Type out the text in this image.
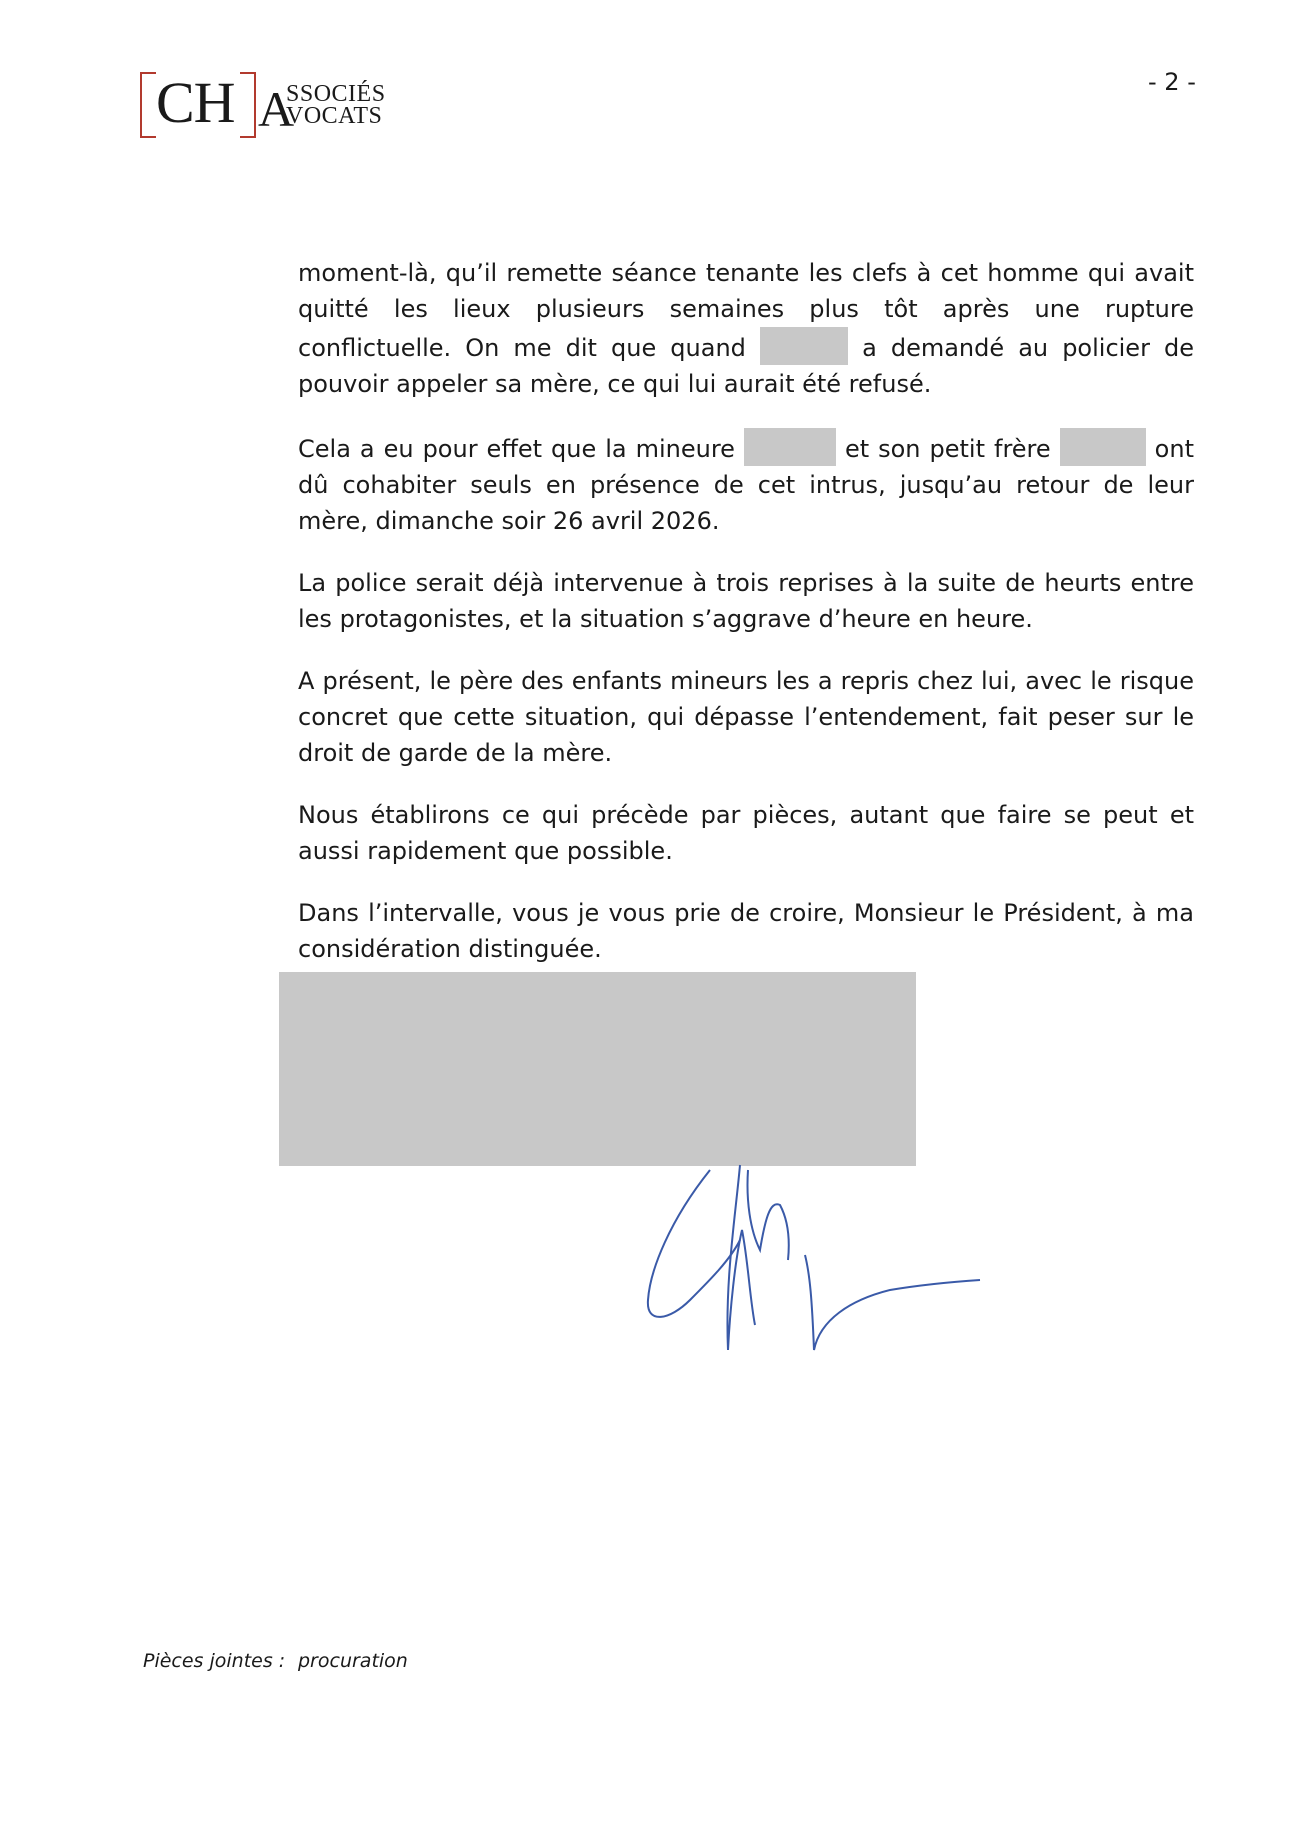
CH A
SSOCIÉS
VOCATS
- 2 -

moment-là, qu’il remette séance tenante les clefs à cet homme qui avait quitté les lieux plusieurs semaines plus tôt après une rupture conflictuelle. On me dit que quand	a demandé au policier de pouvoir appeler sa mère, ce qui lui aurait été refusé.

Cela a eu pour effet que la mineure	et son petit frère	ont dû cohabiter seuls en présence de cet intrus, jusqu’au retour de leur mère, dimanche soir 26 avril 2026.

La police serait déjà intervenue à trois reprises à la suite de heurts entre les protagonistes, et la situation s’aggrave d’heure en heure.

A présent, le père des enfants mineurs les a repris chez lui, avec le risque concret que cette situation, qui dépasse l’entendement, fait peser sur le droit de garde de la mère.

Nous établirons ce qui précède par pièces, autant que faire se peut et aussi rapidement que possible.

Dans l’intervalle, vous je vous prie de croire, Monsieur le Président, à ma considération distinguée.

Pièces jointes : procuration
